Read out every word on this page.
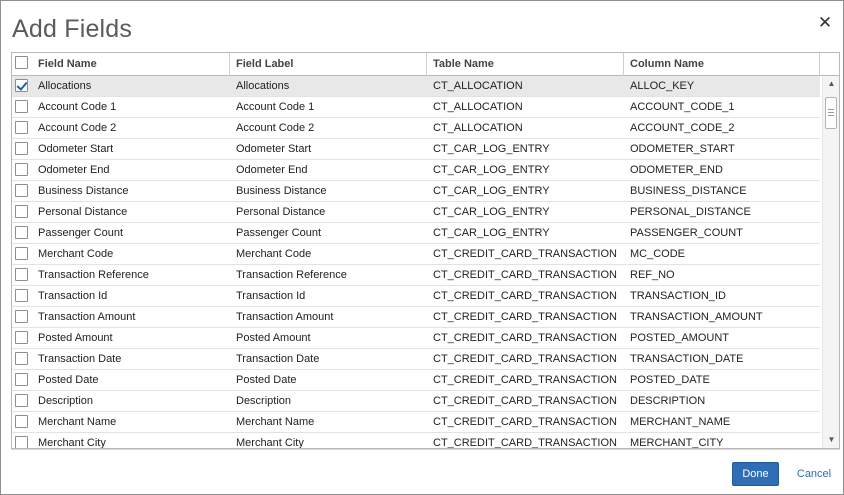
Add Fields	✕
Field Name	Field Label	Table Name	Column Name
Allocations	Allocations	CT_ALLOCATION	ALLOC_KEY
Account Code 1	Account Code 1	CT_ALLOCATION	ACCOUNT_CODE_1
Account Code 2	Account Code 2	CT_ALLOCATION	ACCOUNT_CODE_2
Odometer Start	Odometer Start	CT_CAR_LOG_ENTRY	ODOMETER_START
Odometer End	Odometer End	CT_CAR_LOG_ENTRY	ODOMETER_END
Business Distance	Business Distance	CT_CAR_LOG_ENTRY	BUSINESS_DISTANCE
Personal Distance	Personal Distance	CT_CAR_LOG_ENTRY	PERSONAL_DISTANCE
Passenger Count	Passenger Count	CT_CAR_LOG_ENTRY	PASSENGER_COUNT
Merchant Code	Merchant Code	CT_CREDIT_CARD_TRANSACTION	MC_CODE
Transaction Reference	Transaction Reference	CT_CREDIT_CARD_TRANSACTION	REF_NO
Transaction Id	Transaction Id	CT_CREDIT_CARD_TRANSACTION	TRANSACTION_ID
Transaction Amount	Transaction Amount	CT_CREDIT_CARD_TRANSACTION	TRANSACTION_AMOUNT
Posted Amount	Posted Amount	CT_CREDIT_CARD_TRANSACTION	POSTED_AMOUNT
Transaction Date	Transaction Date	CT_CREDIT_CARD_TRANSACTION	TRANSACTION_DATE
Posted Date	Posted Date	CT_CREDIT_CARD_TRANSACTION	POSTED_DATE
Description	Description	CT_CREDIT_CARD_TRANSACTION	DESCRIPTION
Merchant Name	Merchant Name	CT_CREDIT_CARD_TRANSACTION	MERCHANT_NAME
Merchant City	Merchant City	CT_CREDIT_CARD_TRANSACTION	MERCHANT_CITY
▲
▼
Done	Cancel
